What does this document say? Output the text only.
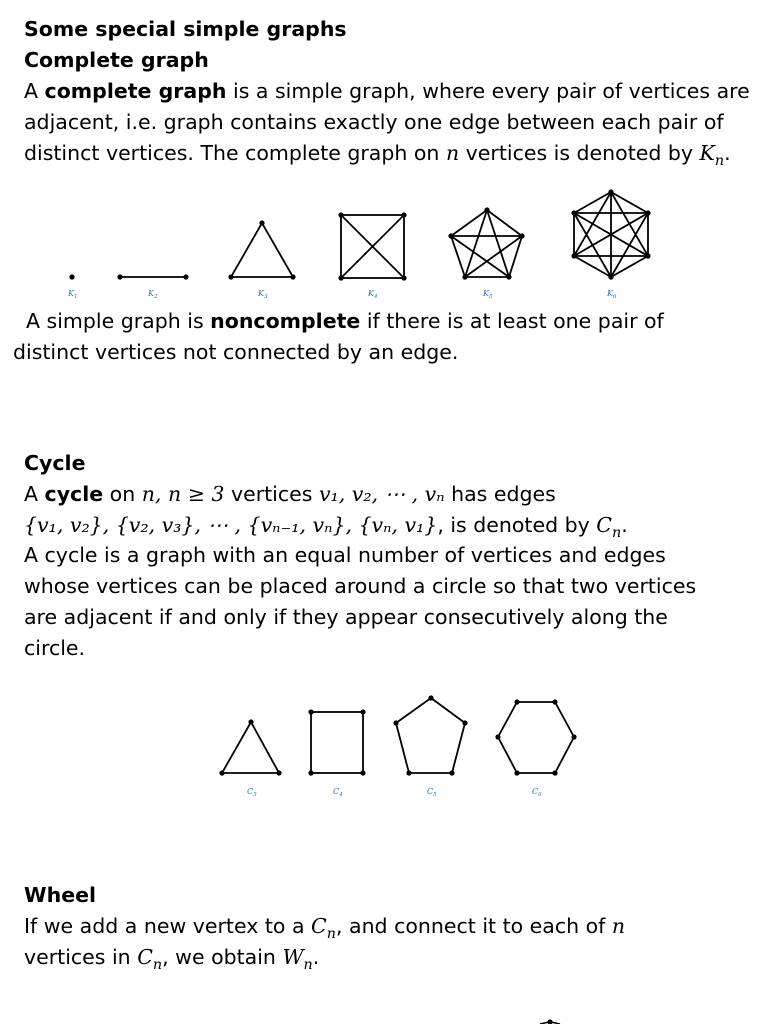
Some special simple graphs
Complete graph
A complete graph is a simple graph, where every pair of vertices are
adjacent, i.e. graph contains exactly one edge between each pair of
distinct vertices. The complete graph on n vertices is denoted by $K_n$.
$K_1$	$K_2$	$K_3$	$K_4$	$K_5$	$K_6$
A simple graph is noncomplete if there is at least one pair of
distinct vertices not connected by an edge.
Cycle
A cycle on n, n ≥ 3 vertices v₁, v₂, ⋯ , vₙ has edges
{v₁, v₂}, {v₂, v₃}, ⋯ , {vₙ₋₁, vₙ}, {vₙ, v₁}, is denoted by $C_n$.
A cycle is a graph with an equal number of vertices and edges
whose vertices can be placed around a circle so that two vertices
are adjacent if and only if they appear consecutively along the
circle.
$C_3$	$C_4$	$C_5$	$C_6$
Wheel
If we add a new vertex to a $C_n$, and connect it to each of n
vertices in $C_n$, we obtain $W_n$.
